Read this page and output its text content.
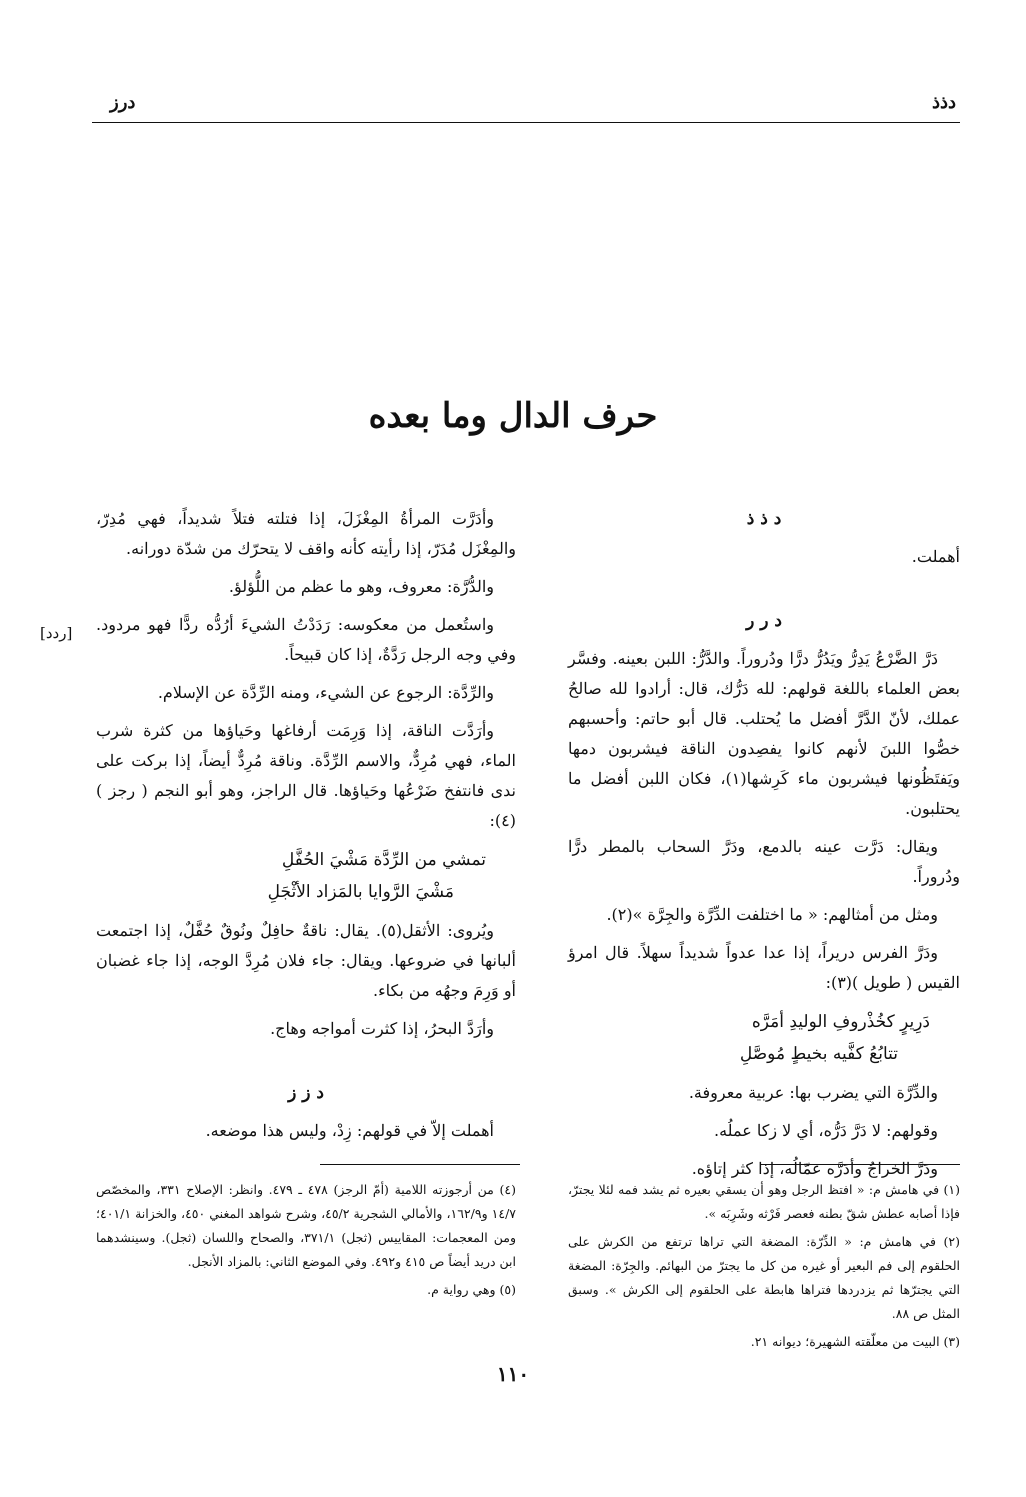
دذذ
درز
حرف الدال وما بعده

د ذ ذ

أهملت.

د ر ر

دَرَّ الضَّرْعُ يَدِرُّ ويَدُرُّ درًّا ودُروراً. والدَّرُّ: اللبن بعينه. وفسَّر بعض العلماء باللغة قولهم: لله دَرُّك، قال: أرادوا لله صالحُ عملك، لأنّ الدَّرَّ أفضل ما يُحتلب. قال أبو حاتم: وأحسبهم خصُّوا اللبنَ لأنهم كانوا يفصِدون الناقة فيشربون دمها ويَفتَظُونها فيشربون ماء كَرِشها(١)، فكان اللبن أفضل ما يحتلبون.

ويقال: دَرَّت عينه بالدمع، ودَرَّ السحاب بالمطر درًّا ودُروراً.

ومثل من أمثالهم: « ما اختلفت الدِّرَّة والجِرَّة »(٢).

ودَرَّ الفرس دريراً، إذا عدا عدواً شديداً سهلاً. قال امرؤ القيس ( طويل )(٣):

دَرِيرٍ كخُذْروفِ الوليدِ أمَرَّه
تتابُعُ كفَّيه بخيطٍ مُوصَّلِ

والدِّرَّة التي يضرب بها: عربية معروفة.

وقولهم: لا دَرَّ دَرُّه، أي لا زكا عملُه.

ودَرَّ الخراجُ وأدَرَّه عمّالُه، إذا كثر إتاؤه.

وأدَرَّت المرأةُ المِغْزَلَ، إذا فتلته فتلاً شديداً، فهي مُدِرّ، والمِغْزَل مُدَرّ، إذا رأيته كأنه واقف لا يتحرّك من شدّة دورانه.

والدُّرَّة: معروف، وهو ما عظم من اللُّؤلؤ.

واستُعمل من معكوسه: رَدَدْتُ الشيءَ أرُدُّه ردًّا فهو مردود. وفي وجه الرجل رَدَّةٌ، إذا كان قبيحاً.

والرِّدَّة: الرجوع عن الشيء، ومنه الرِّدَّة عن الإسلام.

وأرَدَّت الناقة، إذا وَرِمَت أرفاغها وحَياؤها من كثرة شرب الماء، فهي مُرِدٌّ، والاسم الرِّدَّة. وناقة مُرِدٌّ أيضاً، إذا بركت على ندى فانتفخ ضَرْعُها وحَياؤها. قال الراجز، وهو أبو النجم ( رجز )(٤):

تمشي من الرِّدَّة مَشْيَ الحُفَّلِ
مَشْيَ الرَّوايا بالمَزاد الأثْجَلِ

ويُروى: الأثقل(٥). يقال: ناقةٌ حافِلٌ ونُوقٌ حُفَّلٌ، إذا اجتمعت ألبانها في ضروعها. ويقال: جاء فلان مُرِدَّ الوجه، إذا جاء غضبان أو وَرِمَ وجهُه من بكاء.

وأرَدَّ البحرُ، إذا كثرت أمواجه وهاج.

د ز ز

أهملت إلاّ في قولهم: زِدْ، وليس هذا موضعه.

[ردد]

(١) في هامش م: « افتظ الرجل وهو أن يسقي بعيره ثم يشد فمه لئلا يجترّ، فإذا أصابه عطش شقّ بطنه فعصر فَرْثه وشَرِبَه ».

(٢) في هامش م: « الدِّرّة: المضغة التي تراها ترتفع من الكرش على الحلقوم إلى فم البعير أو غيره من كل ما يجترّ من البهائم. والجِرّة: المضغة التي يجترّها ثم يزدردها فتراها هابطة على الحلقوم إلى الكرش ». وسبق المثل ص ٨٨.

(٣) البيت من معلّقته الشهيرة؛ ديوانه ٢١.

(٤) من أرجوزته اللامية (أمّ الرجز) ٤٧٨ ـ ٤٧٩. وانظر: الإصلاح ٣٣١، والمخصّص ١٤/٧ و١٦٢/٩، والأمالي الشجرية ٤٥/٢، وشرح شواهد المغني ٤٥٠، والخزانة ٤٠١/١؛ ومن المعجمات: المقاييس (ثجل) ٣٧١/١، والصحاح واللسان (ثجل). وسينشدهما ابن دريد أيضاً ص ٤١٥ و٤٩٢. وفي الموضع الثاني: بالمزاد الأنجل.

(٥) وهي رواية م.

١١٠
